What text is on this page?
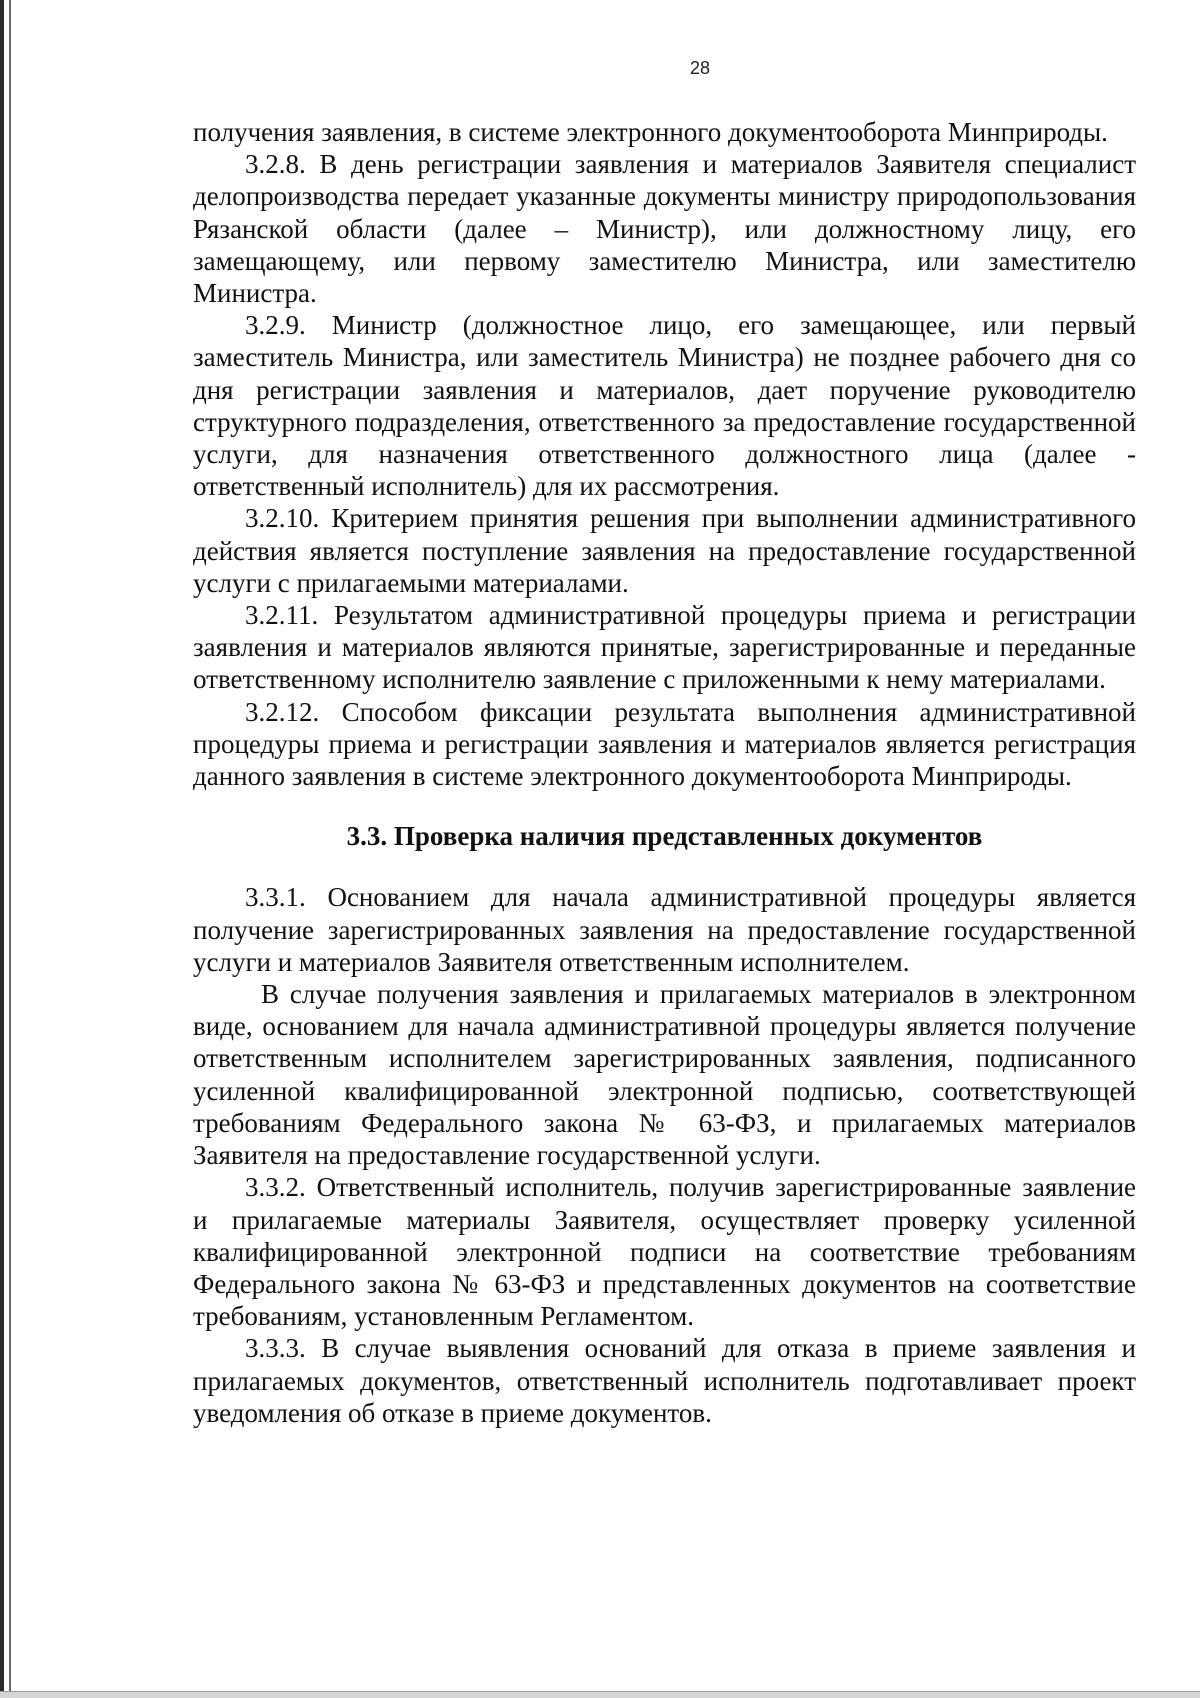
28

получения заявления, в системе электронного документооборота Минприроды.

3.2.8. В день регистрации заявления и материалов Заявителя специалист делопроизводства передает указанные документы министру природопользования Рязанской области (далее – Министр), или должностному лицу, его замещающему, или первому заместителю Министра, или заместителю Министра.

3.2.9. Министр (должностное лицо, его замещающее, или первый заместитель Министра, или заместитель Министра) не позднее рабочего дня со дня регистрации заявления и материалов, дает поручение руководителю структурного подразделения, ответственного за предоставление государственной услуги, для назначения ответственного должностного лица (далее - ответственный исполнитель) для их рассмотрения.

3.2.10. Критерием принятия решения при выполнении административного действия является поступление заявления на предоставление государственной услуги с прилагаемыми материалами.

3.2.11. Результатом административной процедуры приема и регистрации заявления и материалов являются принятые, зарегистрированные и переданные ответственному исполнителю заявление с приложенными к нему материалами.

3.2.12. Способом фиксации результата выполнения административной процедуры приема и регистрации заявления и материалов является регистрация данного заявления в системе электронного документооборота Минприроды.

3.3. Проверка наличия представленных документов

3.3.1. Основанием для начала административной процедуры является получение зарегистрированных заявления на предоставление государственной услуги и материалов Заявителя ответственным исполнителем.

В случае получения заявления и прилагаемых материалов в электронном виде, основанием для начала административной процедуры является получение ответственным исполнителем зарегистрированных заявления, подписанного усиленной квалифицированной электронной подписью, соответствующей требованиям Федерального закона № 63-ФЗ, и прилагаемых материалов Заявителя на предоставление государственной услуги.

3.3.2. Ответственный исполнитель, получив зарегистрированные заявление и прилагаемые материалы Заявителя, осуществляет проверку усиленной квалифицированной электронной подписи на соответствие требованиям Федерального закона № 63-ФЗ и представленных документов на соответствие требованиям, установленным Регламентом.

3.3.3. В случае выявления оснований для отказа в приеме заявления и прилагаемых документов, ответственный исполнитель подготавливает проект уведомления об отказе в приеме документов.
